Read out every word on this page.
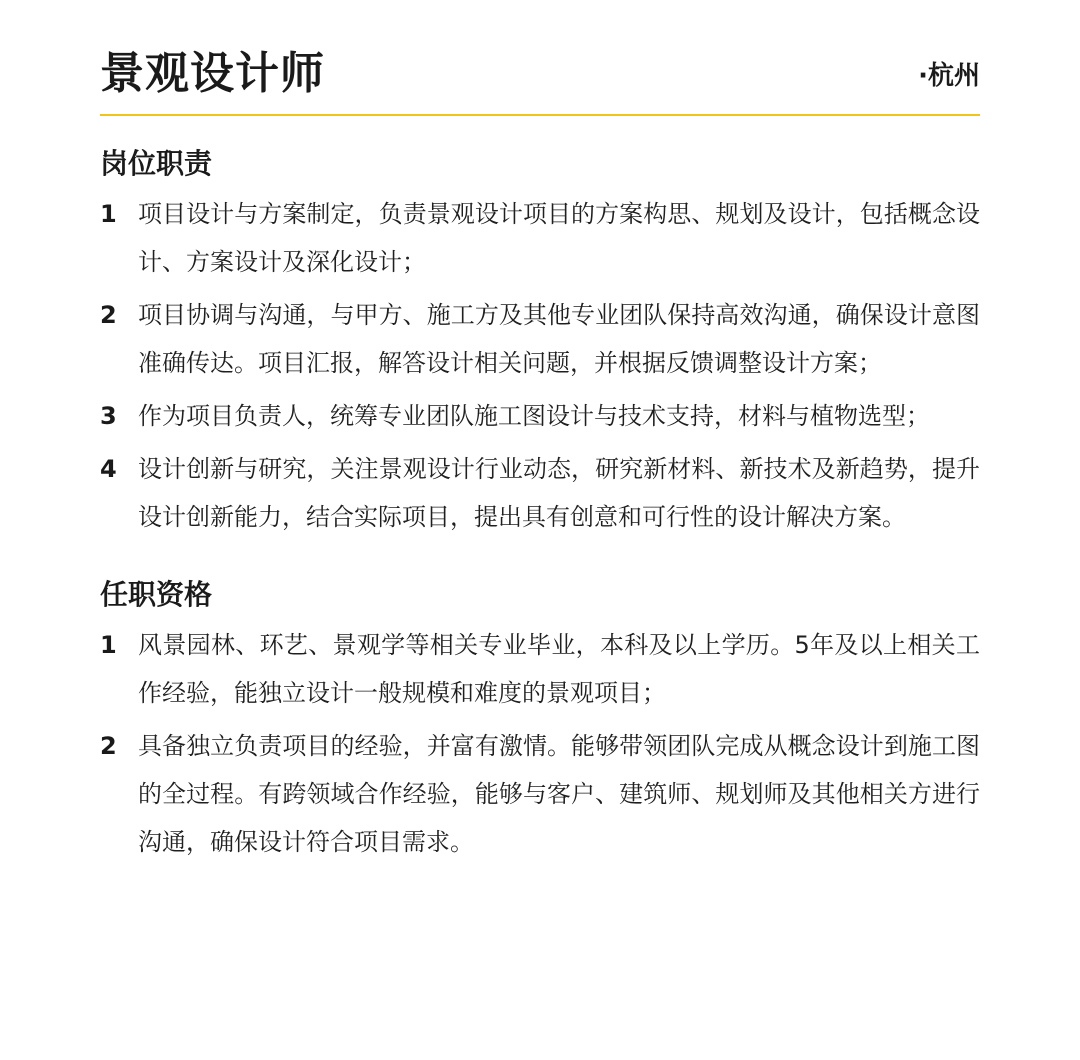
景观设计师	·杭州
岗位职责
1 项目设计与方案制定，负责景观设计项目的方案构思、规划及设计，包括概念设计、方案设计及深化设计；
2 项目协调与沟通，与甲方、施工方及其他专业团队保持高效沟通，确保设计意图准确传达。项目汇报，解答设计相关问题，并根据反馈调整设计方案；
3 作为项目负责人，统筹专业团队施工图设计与技术支持，材料与植物选型；
4 设计创新与研究，关注景观设计行业动态，研究新材料、新技术及新趋势，提升设计创新能力，结合实际项目，提出具有创意和可行性的设计解决方案。
任职资格
1 风景园林、环艺、景观学等相关专业毕业，本科及以上学历。5年及以上相关工作经验，能独立设计一般规模和难度的景观项目；
2 具备独立负责项目的经验，并富有激情。能够带领团队完成从概念设计到施工图的全过程。有跨领域合作经验，能够与客户、建筑师、规划师及其他相关方进行沟通，确保设计符合项目需求。
